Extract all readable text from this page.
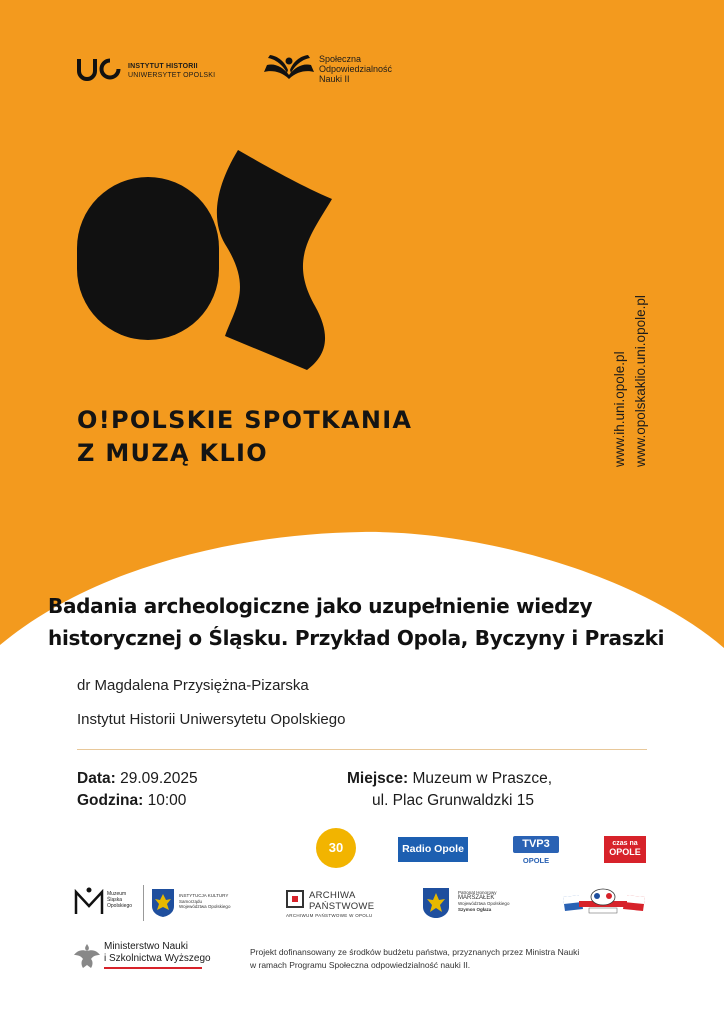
INSTYTUT HISTORII
UNIWERSYTET OPOLSKI
Społeczna
Odpowiedzialność
Nauki II
O!POLSKIE SPOTKANIA
Z MUZĄ KLIO	www.ih.uni.opole.pl www.opolskaklio.uni.opole.pl
Badania archeologiczne jako uzupełnienie wiedzy
historycznej o Śląsku. Przykład Opola, Byczyny i Praszki
dr Magdalena Przysiężna-Pizarska
Instytut Historii Uniwersytetu Opolskiego
Data: 29.09.2025
Godzina: 10:00
Miejsce: Muzeum w Praszce,
ul. Plac Grunwaldzki 15
30	Radio Opole	TVP3
OPOLE
czas na
OPOLE
Muzeum
Śląska
Opolskiego
INSTYTUCJA KULTURY
Samorządu
Województwa Opolskiego
ARCHIWA
PAŃSTWOWE
ARCHIWUM PAŃSTWOWE W OPOLU
Patronat Honorowy
MARSZAŁEK
Województwa Opolskiego
Szymon Ogłaza
Ministerstwo Nauki
i Szkolnictwa Wyższego
Projekt dofinansowany ze środków budżetu państwa, przyznanych przez Ministra Nauki
w ramach Programu Społeczna odpowiedzialność nauki II.
